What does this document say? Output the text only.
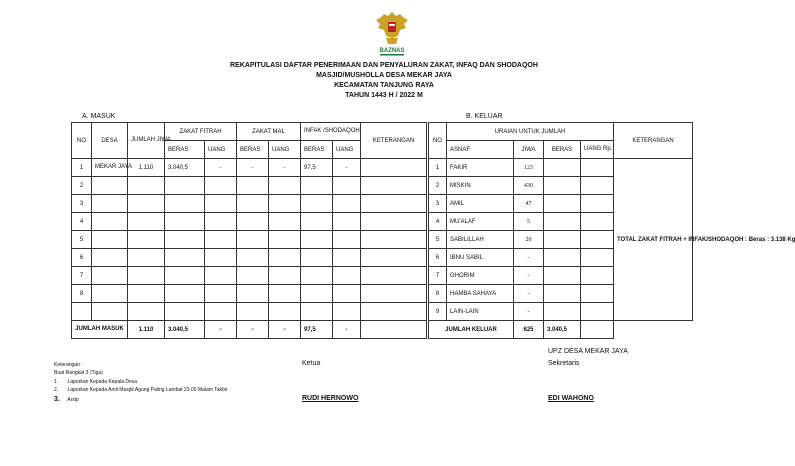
BAZNAS
REKAPITULASI DAFTAR PENERIMAAN DAN PENYALURAN ZAKAT, INFAQ DAN SHODAQOH
MASJID/MUSHOLLA DESA MEKAR JAYA
KECAMATAN TANJUNG RAYA
TAHUN 1443 H / 2022 M
A. MASUK	B. KELUAR
NO	DESA	JUMLAH JIWA	ZAKAT FITRAH		ZAKAT MAL		INFAK /SHODAQOH		KETERANGAN
			BERAS	UANG	BERAS	UANG	BERAS	UANG	
1	MEKAR JAYA	1.110	3.040,5	-	-	-	97,5	-	
2									
3									
4									
5									
6									
7									
8									

JUMLAH MASUK		1.110	3.040,5	-	-	-	97,5	-	
NO	URAIAN UNTUK JUMLAH				KETERANGAN
	ASNAF	JIWA	BERAS	UANG Rp.	
1	FAKIR	123			TOTAL ZAKAT FITRAH + INFAK/SHODAQOH : Beras : 3.138 Kg
2	MISKIN	430			
3	AMIL	47			
4	MU'ALAF	5			
5	SABILILLAH	20			
6	IBNU SABIL	-			
7	GHORIM	-			
8	HAMBA SAHAYA	-			
9	LAIN-LAIN	-			
JUMLAH KELUAR		625	3.040,5		
Keterangan :
Buat Rangkat 3 (Tiga)
1. Laporkan Kepada Kepala Desa
2. Laporkan Kepada Amil Masjid Agung Paling Lambat 23.00 Malam Takbir
3. Arsip
Ketua
RUDI HERNOWO
UPZ DESA MEKAR JAYA
Sekretaris
EDI WAHONO
